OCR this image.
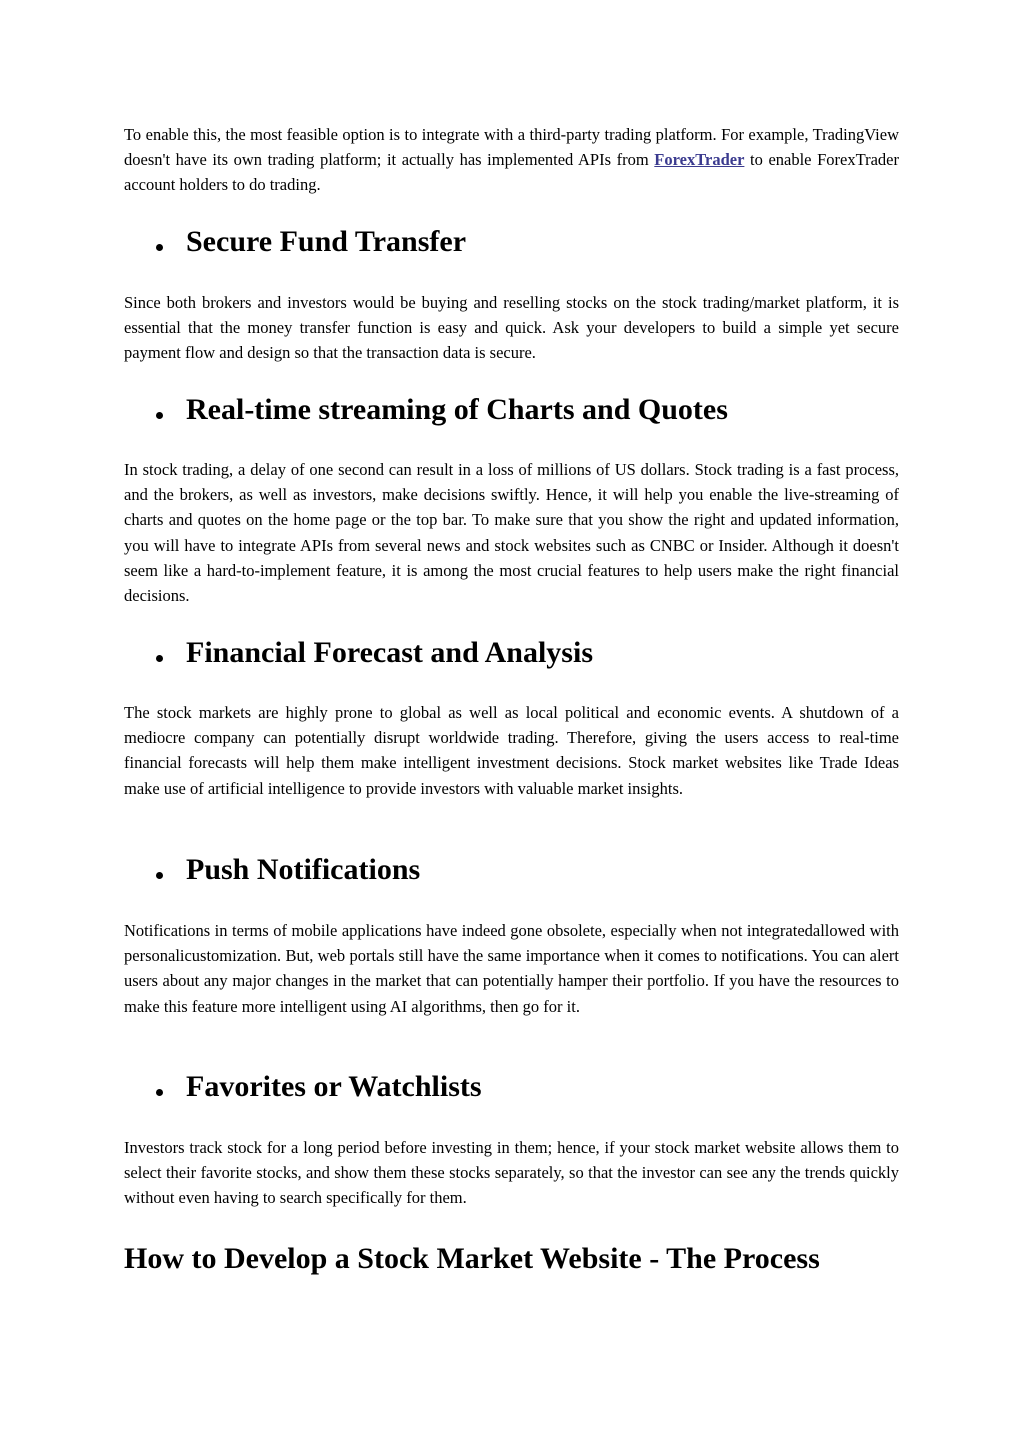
To enable this, the most feasible option is to integrate with a third-party trading platform. For example, TradingView doesn't have its own trading platform; it actually has implemented APIs from ForexTrader to enable ForexTrader account holders to do trading.

Secure Fund Transfer

Since both brokers and investors would be buying and reselling stocks on the stock trading/market platform, it is essential that the money transfer function is easy and quick. Ask your developers to build a simple yet secure payment flow and design so that the transaction data is secure.

Real-time streaming of Charts and Quotes

In stock trading, a delay of one second can result in a loss of millions of US dollars. Stock trading is a fast process, and the brokers, as well as investors, make decisions swiftly. Hence, it will help you enable the live-streaming of charts and quotes on the home page or the top bar. To make sure that you show the right and updated information, you will have to integrate APIs from several news and stock websites such as CNBC or Insider. Although it doesn't seem like a hard-to-implement feature, it is among the most crucial features to help users make the right financial decisions.

Financial Forecast and Analysis

The stock markets are highly prone to global as well as local political and economic events. A shutdown of a mediocre company can potentially disrupt worldwide trading. Therefore, giving the users access to real-time financial forecasts will help them make intelligent investment decisions. Stock market websites like Trade Ideas make use of artificial intelligence to provide investors with valuable market insights.

Push Notifications

Notifications in terms of mobile applications have indeed gone obsolete, especially when not integratedallowed with personalicustomization. But, web portals still have the same importance when it comes to notifications. You can alert users about any major changes in the market that can potentially hamper their portfolio. If you have the resources to make this feature more intelligent using AI algorithms, then go for it.

Favorites or Watchlists

Investors track stock for a long period before investing in them; hence, if your stock market website allows them to select their favorite stocks, and show them these stocks separately, so that the investor can see any the trends quickly without even having to search specifically for them.

How to Develop a Stock Market Website - The Process
